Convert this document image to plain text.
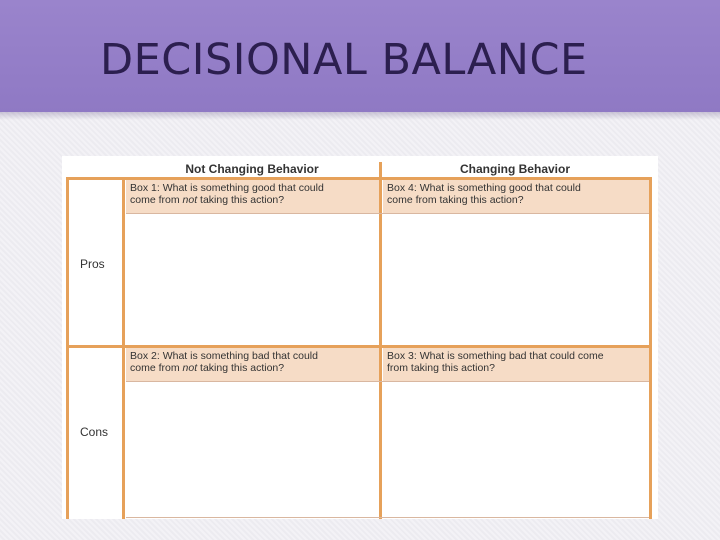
DECISIONAL BALANCE
Not Changing Behavior	Changing Behavior
Pros
Cons
Box 1: What is something good that could
come from not taking this action?
Box 4: What is something good that could
come from taking this action?
Box 2: What is something bad that could
come from not taking this action?
Box 3: What is something bad that could come
from taking this action?
